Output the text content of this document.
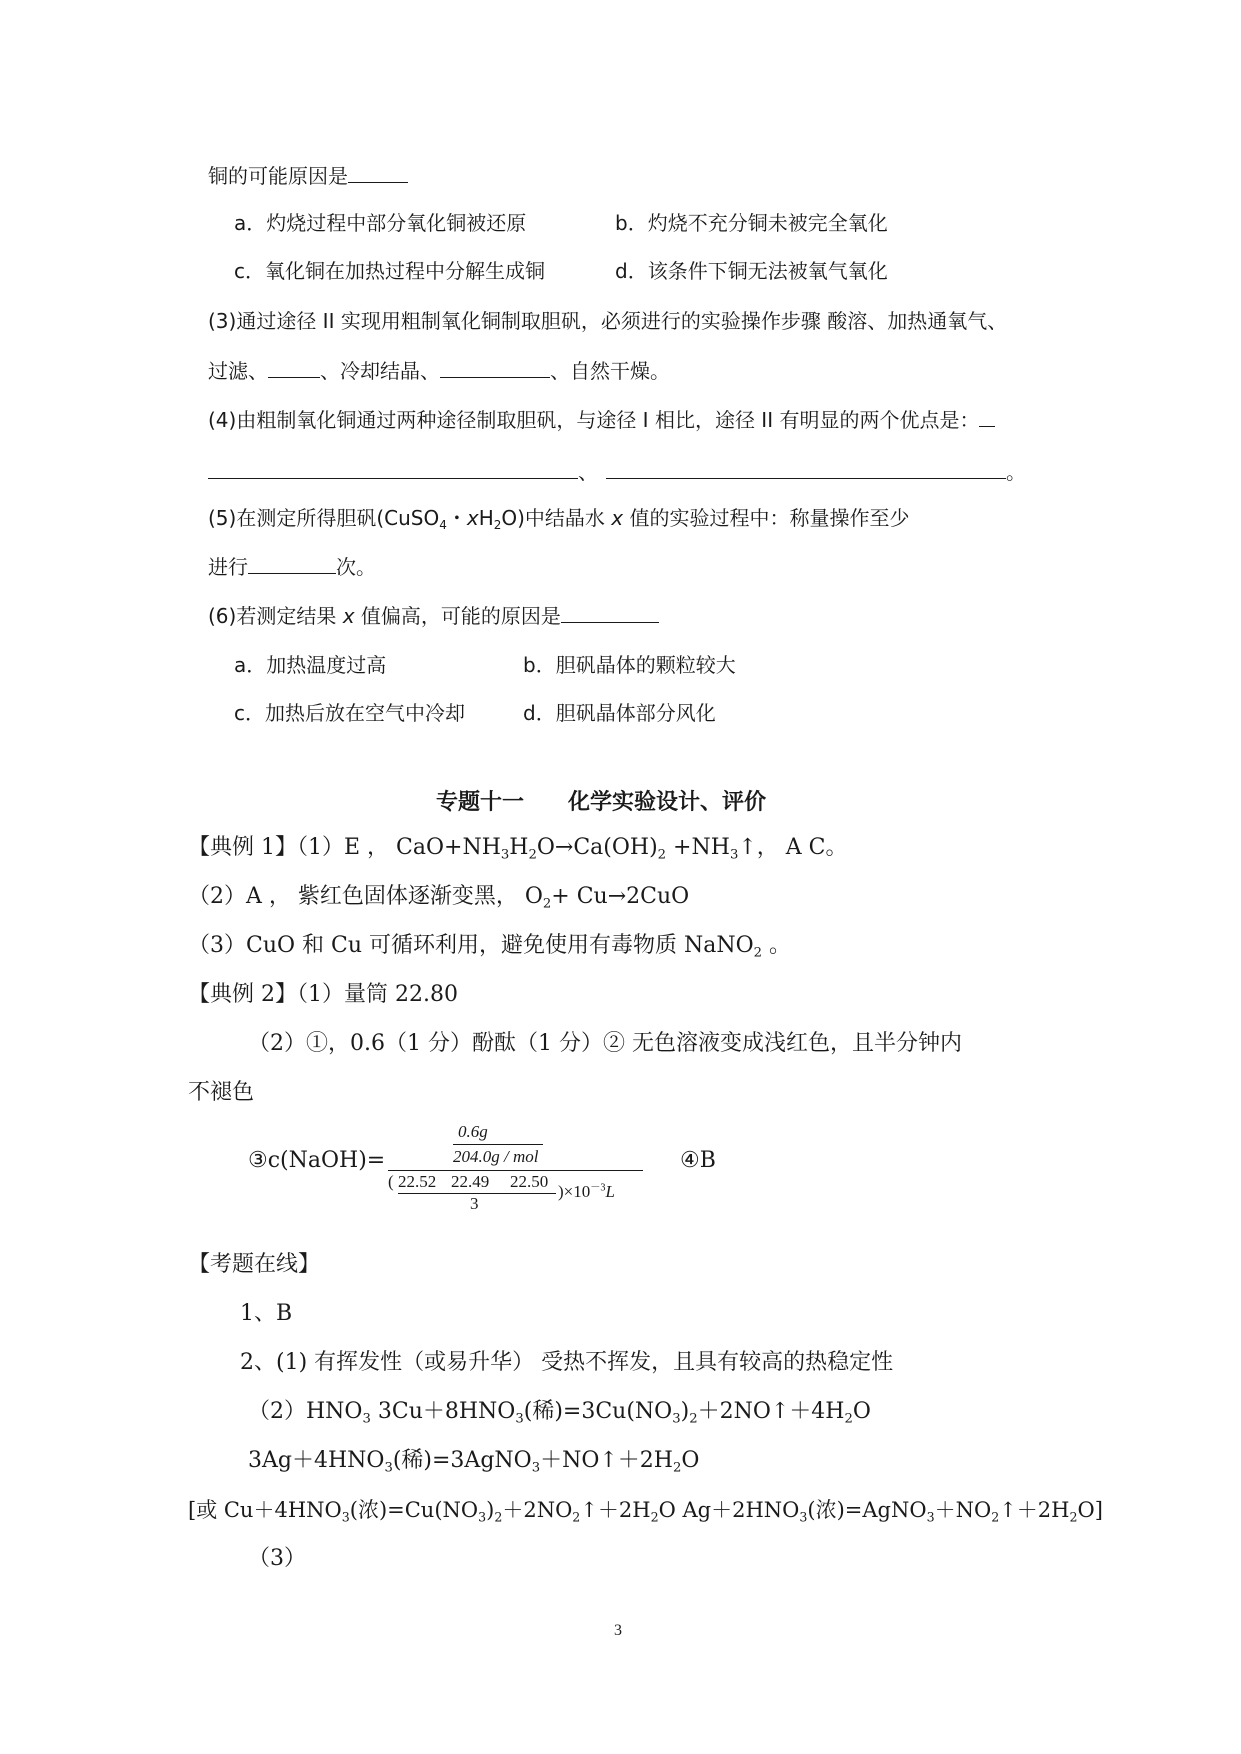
铜的可能原因是
a．灼烧过程中部分氧化铜被还原	b．灼烧不充分铜未被完全氧化
c．氧化铜在加热过程中分解生成铜	d．该条件下铜无法被氧气氧化
(3)通过途径 II 实现用粗制氧化铜制取胆矾，必须进行的实验操作步骤 酸溶、加热通氧气、
过滤、	、冷却结晶、	、自然干燥。
(4)由粗制氧化铜通过两种途径制取胆矾，与途径 I 相比，途径 II 有明显的两个优点是：
、	。
(5)在测定所得胆矾(CuSO$_4$・$xH_2O$)中结晶水 x 值的实验过程中：称量操作至少
进行	次。
(6)若测定结果 x 值偏高，可能的原因是
a．加热温度过高	b．胆矾晶体的颗粒较大
c．加热后放在空气中冷却	d．胆矾晶体部分风化
专题十一　　化学实验设计、评价
【典例 1】（1）E ， $CaO+NH_3H_2O\to Ca(OH)_2$ $+NH_3↑$， A C。
（2）A ， 紫红色固体逐渐变黑， $O_2+ Cu\to 2CuO$
（3）CuO 和 Cu 可循环利用，避免使用有毒物质 NaNO$_2$ 。
【典例 2】（1）量筒 22.80
（2）①，0.6（1 分）酚酞（1 分）② 无色溶液变成浅红色，且半分钟内
不褪色
③c(NaOH)=
0.6g
204.0g / mol
( 22.52 22.49 22.50
3
)$\times 10^{-3}L$
④B
【考题在线】
1、B
2、(1) 有挥发性（或易升华） 受热不挥发，且具有较高的热稳定性
$(2)HNO_3$ $3Cu+8HNO_3$(稀)$=3Cu(NO_3)_2+2NO↑+4H_2O$
$3Ag+4HNO_3$(稀)$=3AgNO_3+NO↑+2H_2O$
[或 $Cu+4HNO_3$(浓)$=Cu(NO_3)_2+2NO_2↑+2H_2O$ $Ag+2HNO_3$(浓)$=AgNO_3+NO_2↑+2H_2O$]
（3）
3
